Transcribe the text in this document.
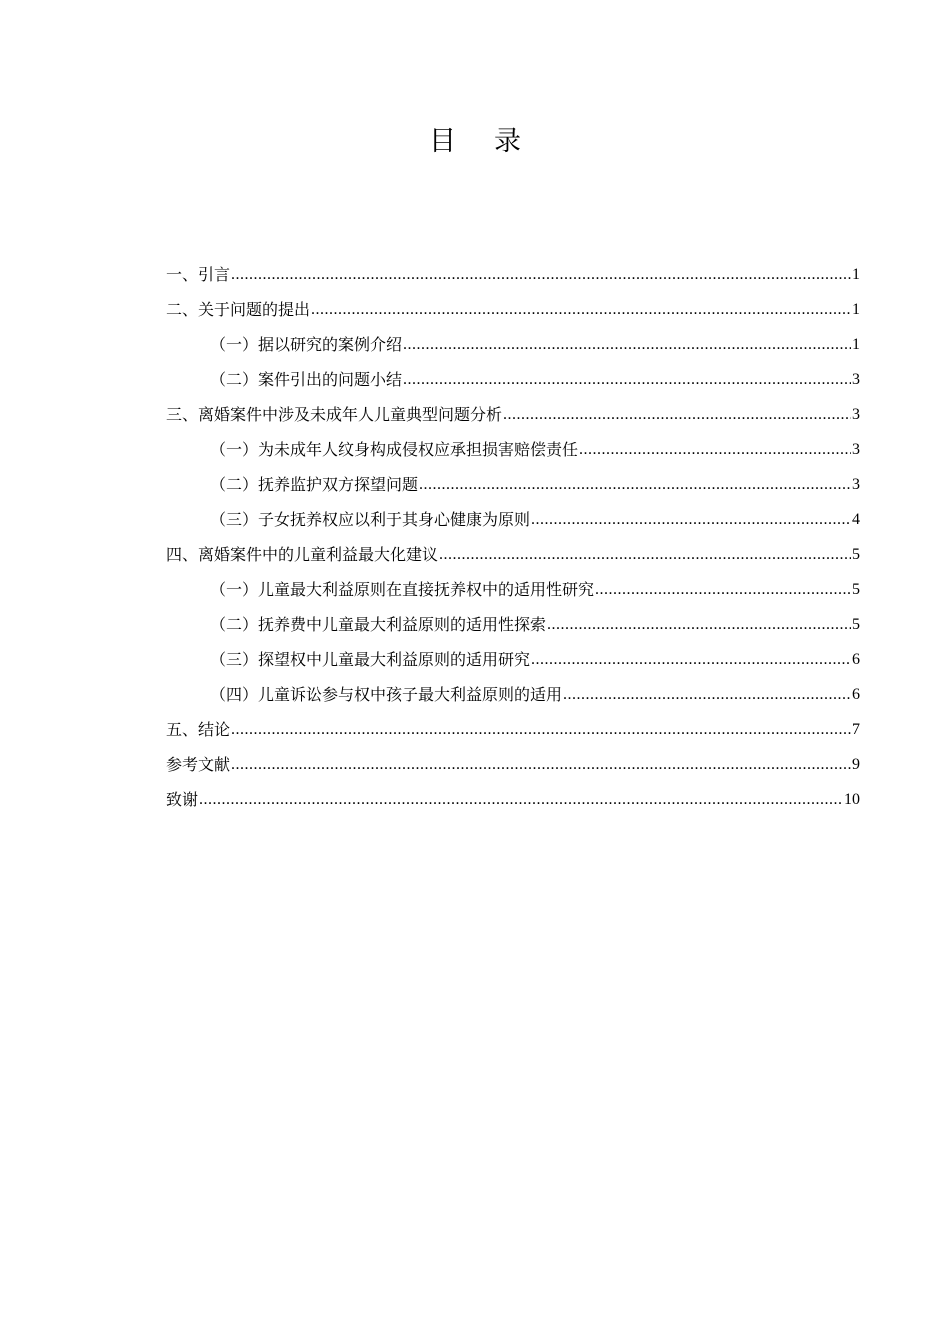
目录
一、引言 .....	1
二、关于问题的提出 .....	1
（一）据以研究的案例介绍 .....	1
（二）案件引出的问题小结 .....	3
三、离婚案件中涉及未成年人儿童典型问题分析 .....	3
（一）为未成年人纹身构成侵权应承担损害赔偿责任 .....	3
（二）抚养监护双方探望问题 .....	3
（三）子女抚养权应以利于其身心健康为原则 .....	4
四、离婚案件中的儿童利益最大化建议 .....	5
（一）儿童最大利益原则在直接抚养权中的适用性研究 .....	5
（二）抚养费中儿童最大利益原则的适用性探索 .....	5
（三）探望权中儿童最大利益原则的适用研究 .....	6
（四）儿童诉讼参与权中孩子最大利益原则的适用 .....	6
五、结论 .....	7
参考文献 .....	9
致谢 .....	10
